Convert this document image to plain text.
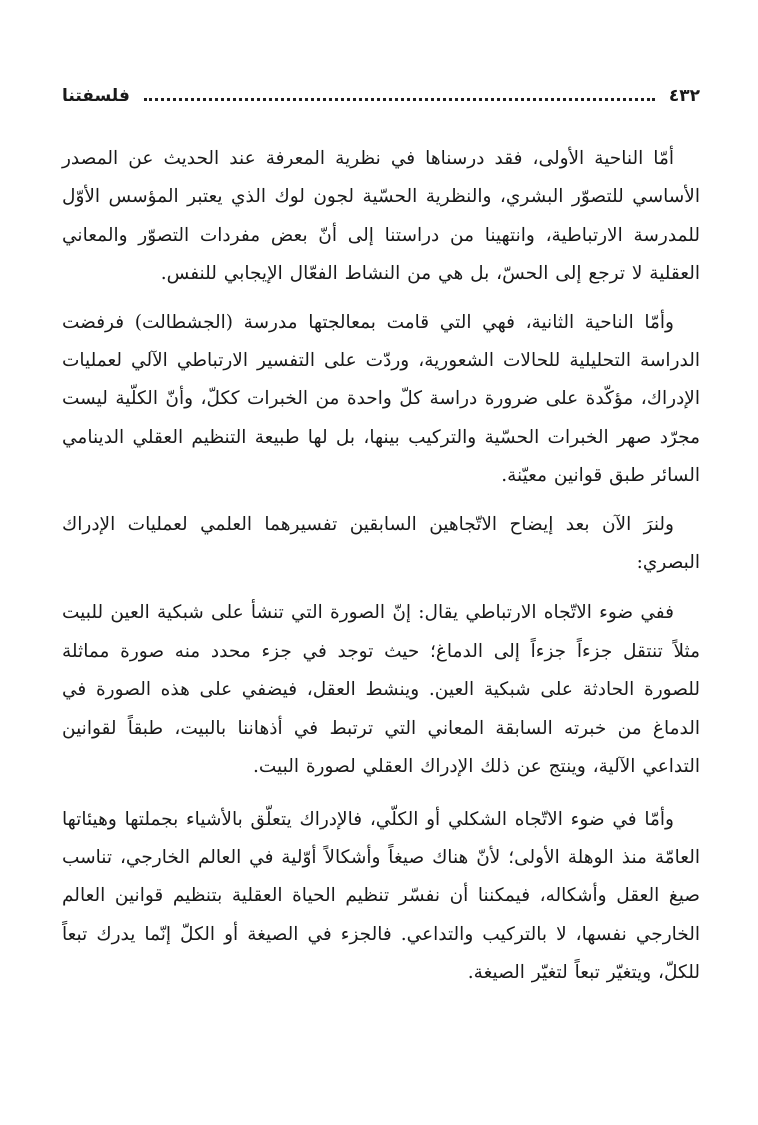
٤٣٢
فلسفتنا

أمّا الناحية الأولى، فقد درسناها في نظرية المعرفة عند الحديث عن المصدر الأساسي للتصوّر البشري، والنظرية الحسّية لجون لوك الذي يعتبر المؤسس الأوّل للمدرسة الارتباطية، وانتهينا من دراستنا إلى أنّ بعض مفردات التصوّر والمعاني العقلية لا ترجع إلى الحسّ، بل هي من النشاط الفعّال الإيجابي للنفس.

وأمّا الناحية الثانية، فهي التي قامت بمعالجتها مدرسة (الجشطالت) فرفضت الدراسة التحليلية للحالات الشعورية، وردّت على التفسير الارتباطي الآلي لعمليات الإدراك، مؤكّدة على ضرورة دراسة كلّ واحدة من الخبرات ككلّ، وأنّ الكلّية ليست مجرّد صهر الخبرات الحسّية والتركيب بينها، بل لها طبيعة التنظيم العقلي الدينامي السائر طبق قوانين معيّنة.

ولنرَ الآن بعد إيضاح الاتّجاهين السابقين تفسيرهما العلمي لعمليات الإدراك البصري:

ففي ضوء الاتّجاه الارتباطي يقال: إنّ الصورة التي تنشأ على شبكية العين للبيت مثلاً تنتقل جزءاً جزءاً إلى الدماغ؛ حيث توجد في جزء محدد منه صورة مماثلة للصورة الحادثة على شبكية العين. وينشط العقل، فيضفي على هذه الصورة في الدماغ من خبرته السابقة المعاني التي ترتبط في أذهاننا بالبيت، طبقاً لقوانين التداعي الآلية، وينتج عن ذلك الإدراك العقلي لصورة البيت.

وأمّا في ضوء الاتّجاه الشكلي أو الكلّي، فالإدراك يتعلّق بالأشياء بجملتها وهيئاتها العامّة منذ الوهلة الأولى؛ لأنّ هناك صيغاً وأشكالاً أوّلية في العالم الخارجي، تناسب صيغ العقل وأشكاله، فيمكننا أن نفسّر تنظيم الحياة العقلية بتنظيم قوانين العالم الخارجي نفسها، لا بالتركيب والتداعي. فالجزء في الصيغة أو الكلّ إنّما يدرك تبعاً للكلّ، ويتغيّر تبعاً لتغيّر الصيغة.
